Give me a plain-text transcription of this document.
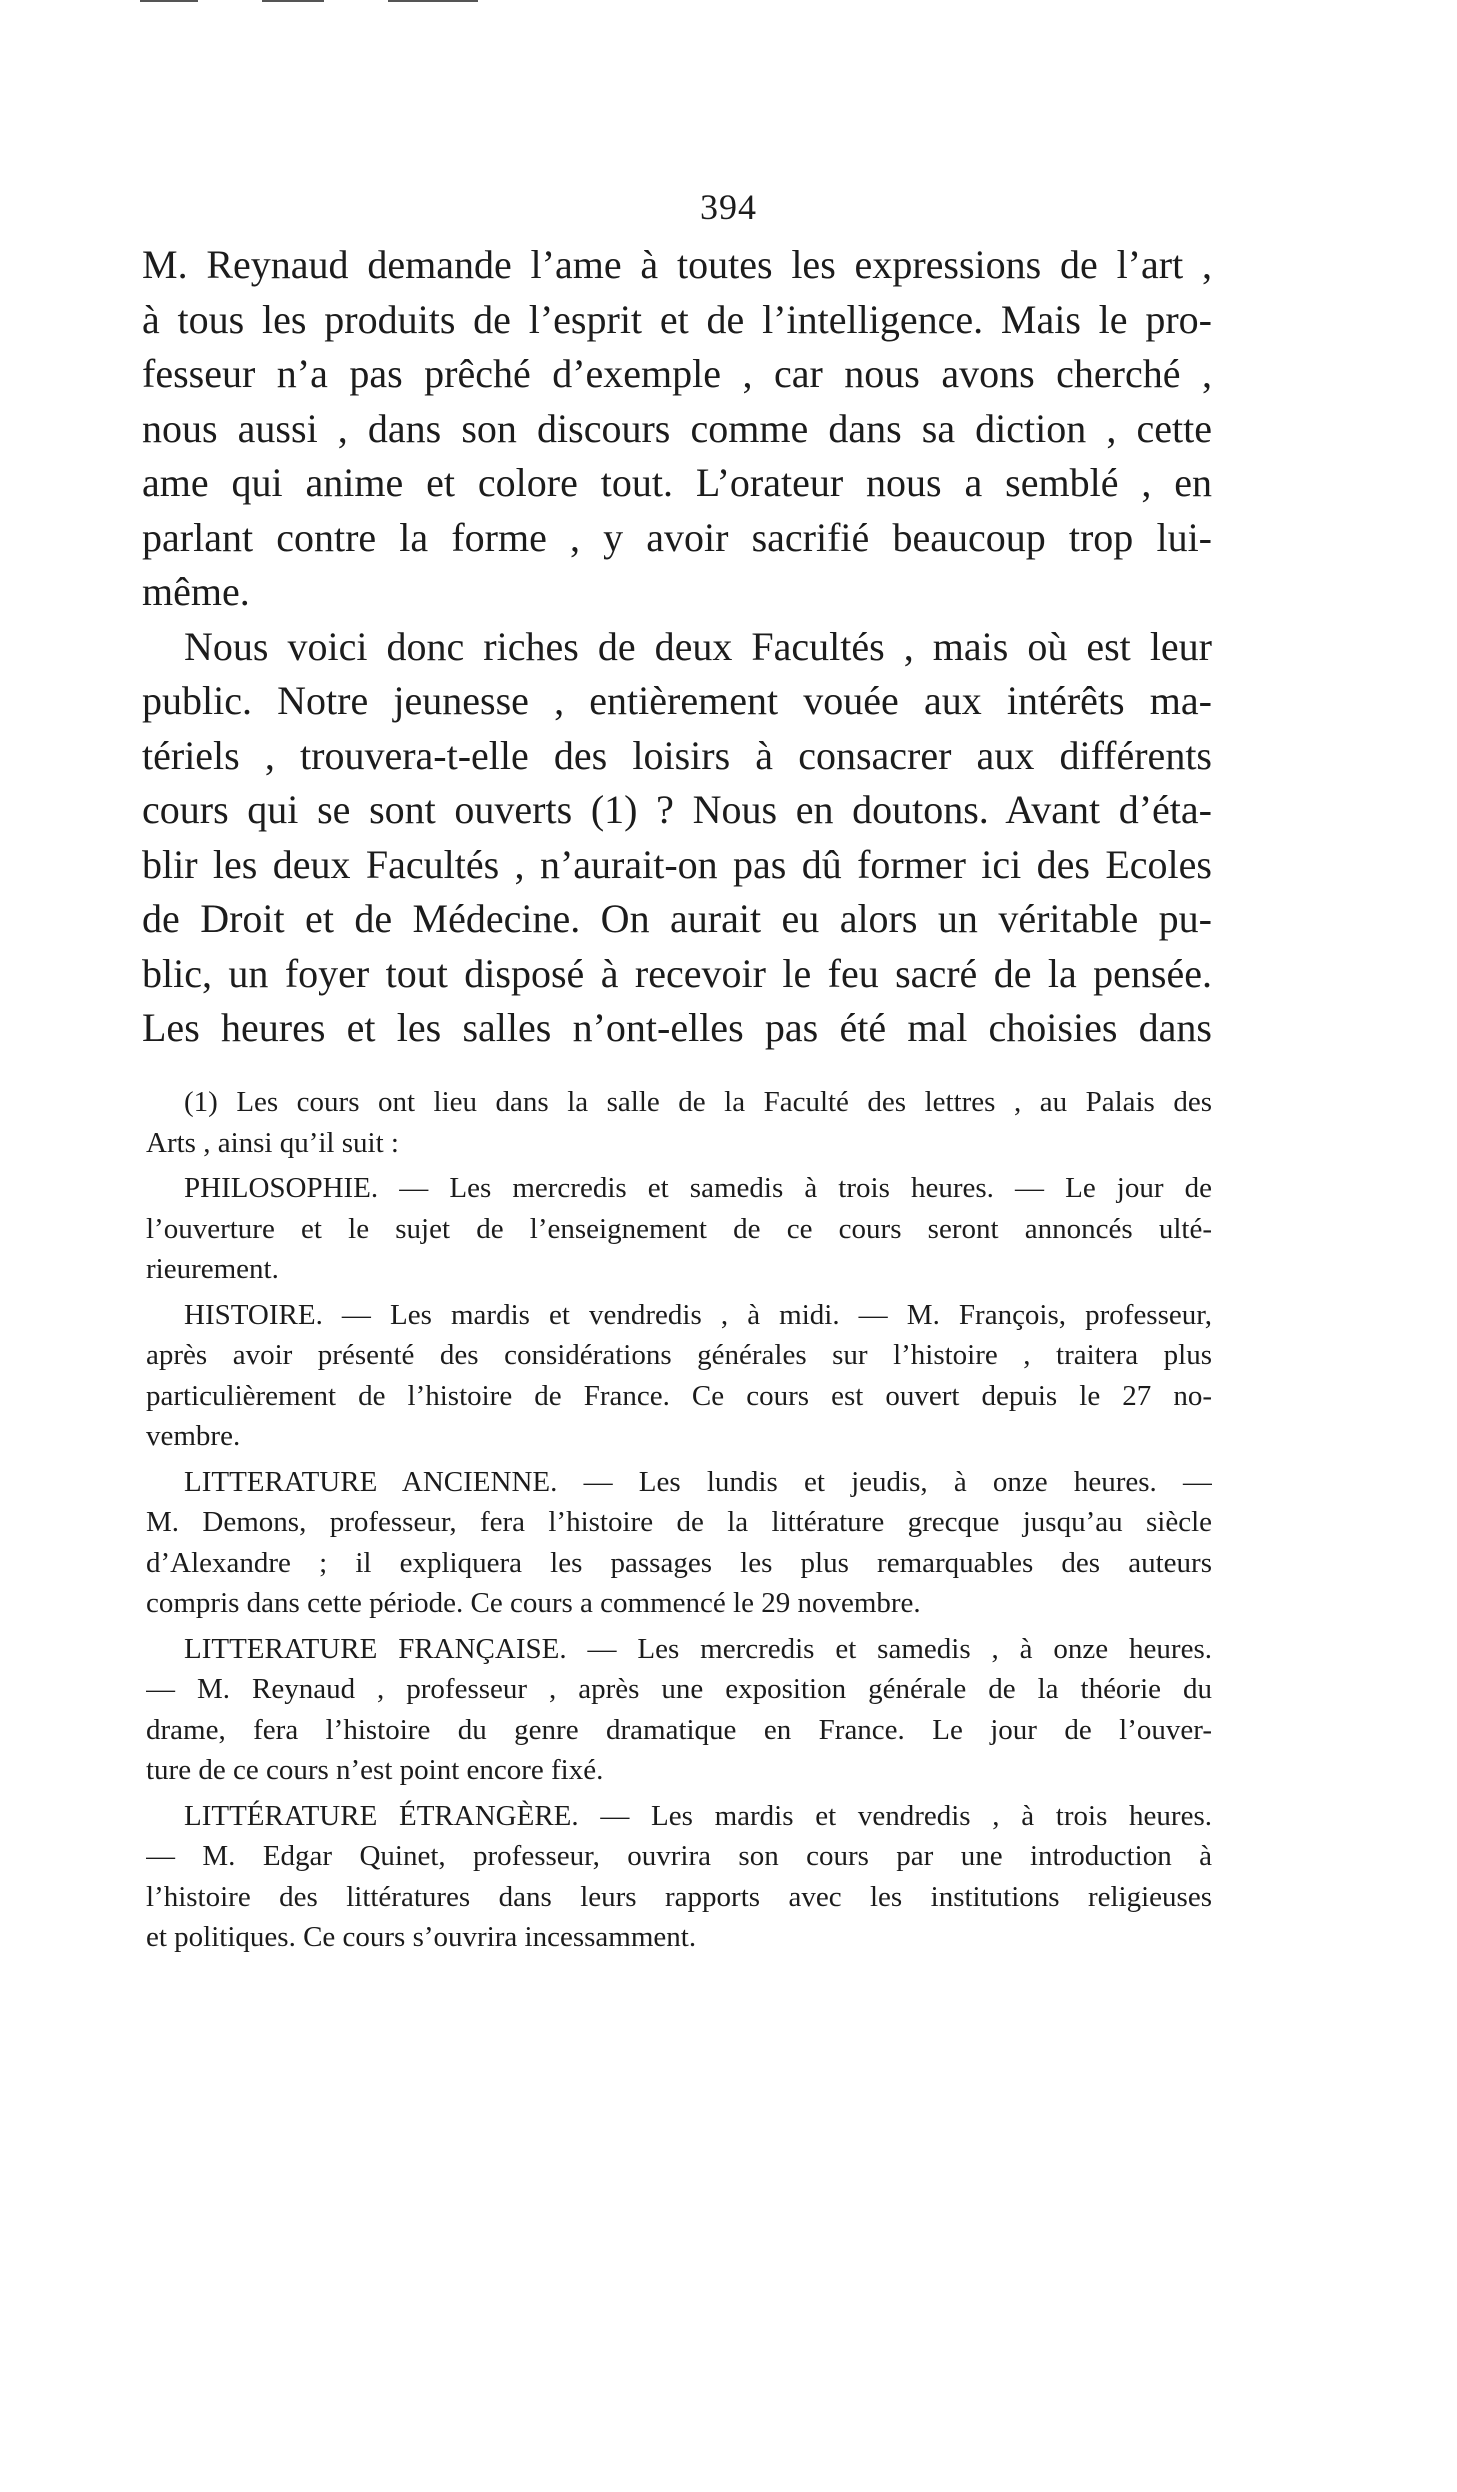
394
M. Reynaud demande l’ame à toutes les expressions de l’art ,
à tous les produits de l’esprit et de l’intelligence. Mais le pro-
fesseur n’a pas prêché d’exemple , car nous avons cherché ,
nous aussi , dans son discours comme dans sa diction , cette
ame qui anime et colore tout. L’orateur nous a semblé , en
parlant contre la forme , y avoir sacrifié beaucoup trop lui-
même.
Nous voici donc riches de deux Facultés , mais où est leur
public. Notre jeunesse , entièrement vouée aux intérêts ma-
tériels , trouvera-t-elle des loisirs à consacrer aux différents
cours qui se sont ouverts (1) ? Nous en doutons. Avant d’éta-
blir les deux Facultés , n’aurait-on pas dû former ici des Ecoles
de Droit et de Médecine. On aurait eu alors un véritable pu-
blic, un foyer tout disposé à recevoir le feu sacré de la pensée.
Les heures et les salles n’ont-elles pas été mal choisies dans
(1) Les cours ont lieu dans la salle de la Faculté des lettres , au Palais des
Arts , ainsi qu’il suit :
PHILOSOPHIE. — Les mercredis et samedis à trois heures. — Le jour de
l’ouverture et le sujet de l’enseignement de ce cours seront annoncés ulté-
rieurement.
HISTOIRE. — Les mardis et vendredis , à midi. — M. François, professeur,
après avoir présenté des considérations générales sur l’histoire , traitera plus
particulièrement de l’histoire de France. Ce cours est ouvert depuis le 27 no-
vembre.
LITTERATURE ANCIENNE. — Les lundis et jeudis, à onze heures. —
M. Demons, professeur, fera l’histoire de la littérature grecque jusqu’au siècle
d’Alexandre ; il expliquera les passages les plus remarquables des auteurs
compris dans cette période. Ce cours a commencé le 29 novembre.
LITTERATURE FRANÇAISE. — Les mercredis et samedis , à onze heures.
— M. Reynaud , professeur , après une exposition générale de la théorie du
drame, fera l’histoire du genre dramatique en France. Le jour de l’ouver-
ture de ce cours n’est point encore fixé.
LITTÉRATURE ÉTRANGÈRE. — Les mardis et vendredis , à trois heures.
— M. Edgar Quinet, professeur, ouvrira son cours par une introduction à
l’histoire des littératures dans leurs rapports avec les institutions religieuses
et politiques. Ce cours s’ouvrira incessamment.
